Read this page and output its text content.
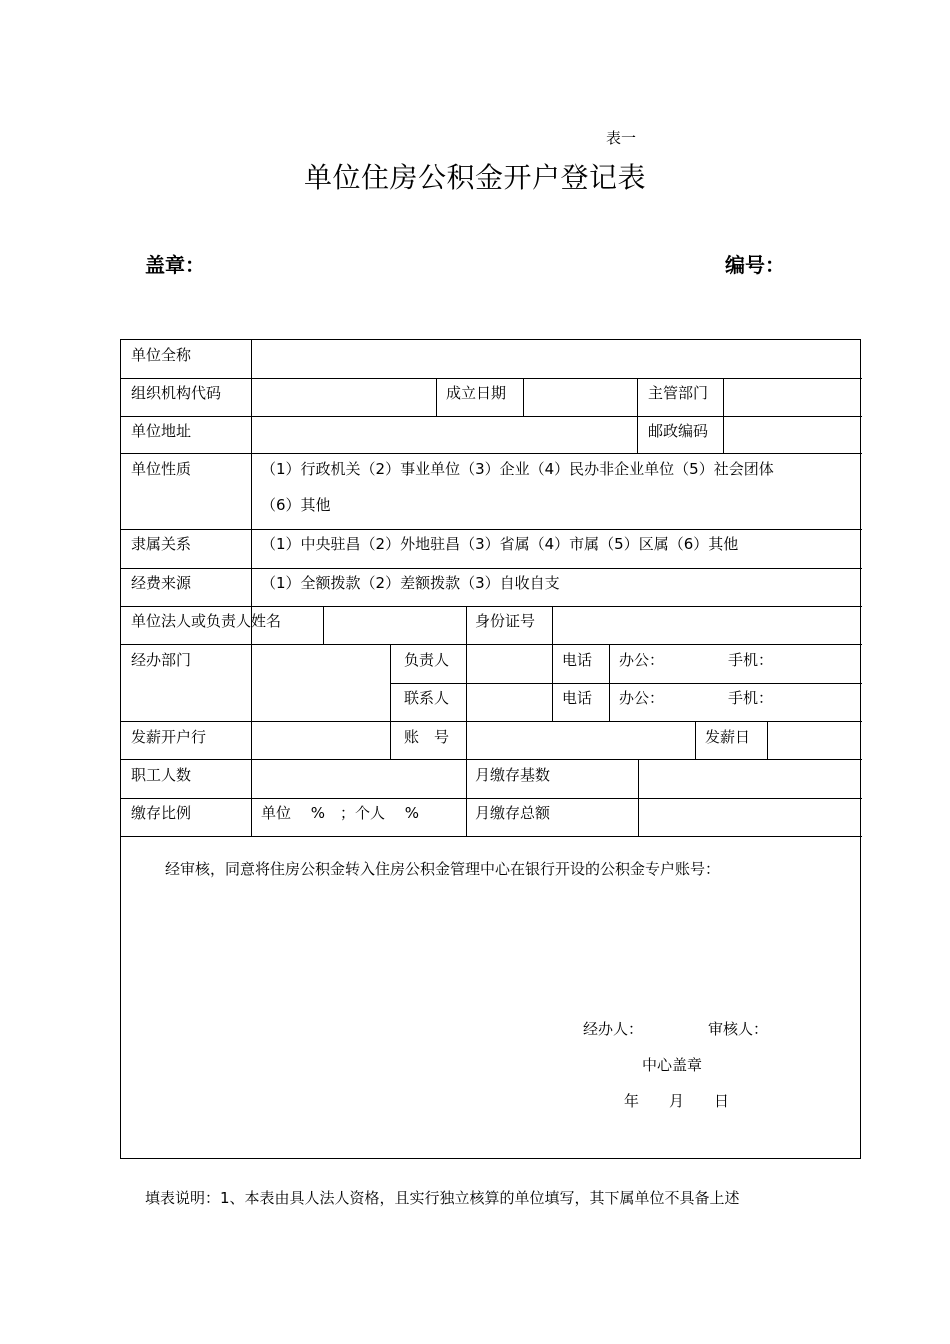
表一
单位住房公积金开户登记表
盖章：	编号：
单位全称
组织机构代码	成立日期	主管部门
单位地址	邮政编码
单位性质	（1）行政机关（2）事业单位（3）企业（4）民办非企业单位（5）社会团体
（6）其他
隶属关系	（1）中央驻昌（2）外地驻昌（3）省属（4）市属（5）区属（6）其他
经费来源	（1）全额拨款（2）差额拨款（3）自收自支
单位法人或负责人姓名	身份证号
经办部门	负责人	电话 办公：	手机：
联系人	电话 办公：	手机：
发薪开户行	账　号	发薪日
职工人数	月缴存基数
缴存比例	单位　 %　；个人　 %	月缴存总额
经审核，同意将住房公积金转入住房公积金管理中心在银行开设的公积金专户账号：
经办人：	审核人：
中心盖章
年　　月　　日
填表说明：1、本表由具人法人资格，且实行独立核算的单位填写，其下属单位不具备上述
